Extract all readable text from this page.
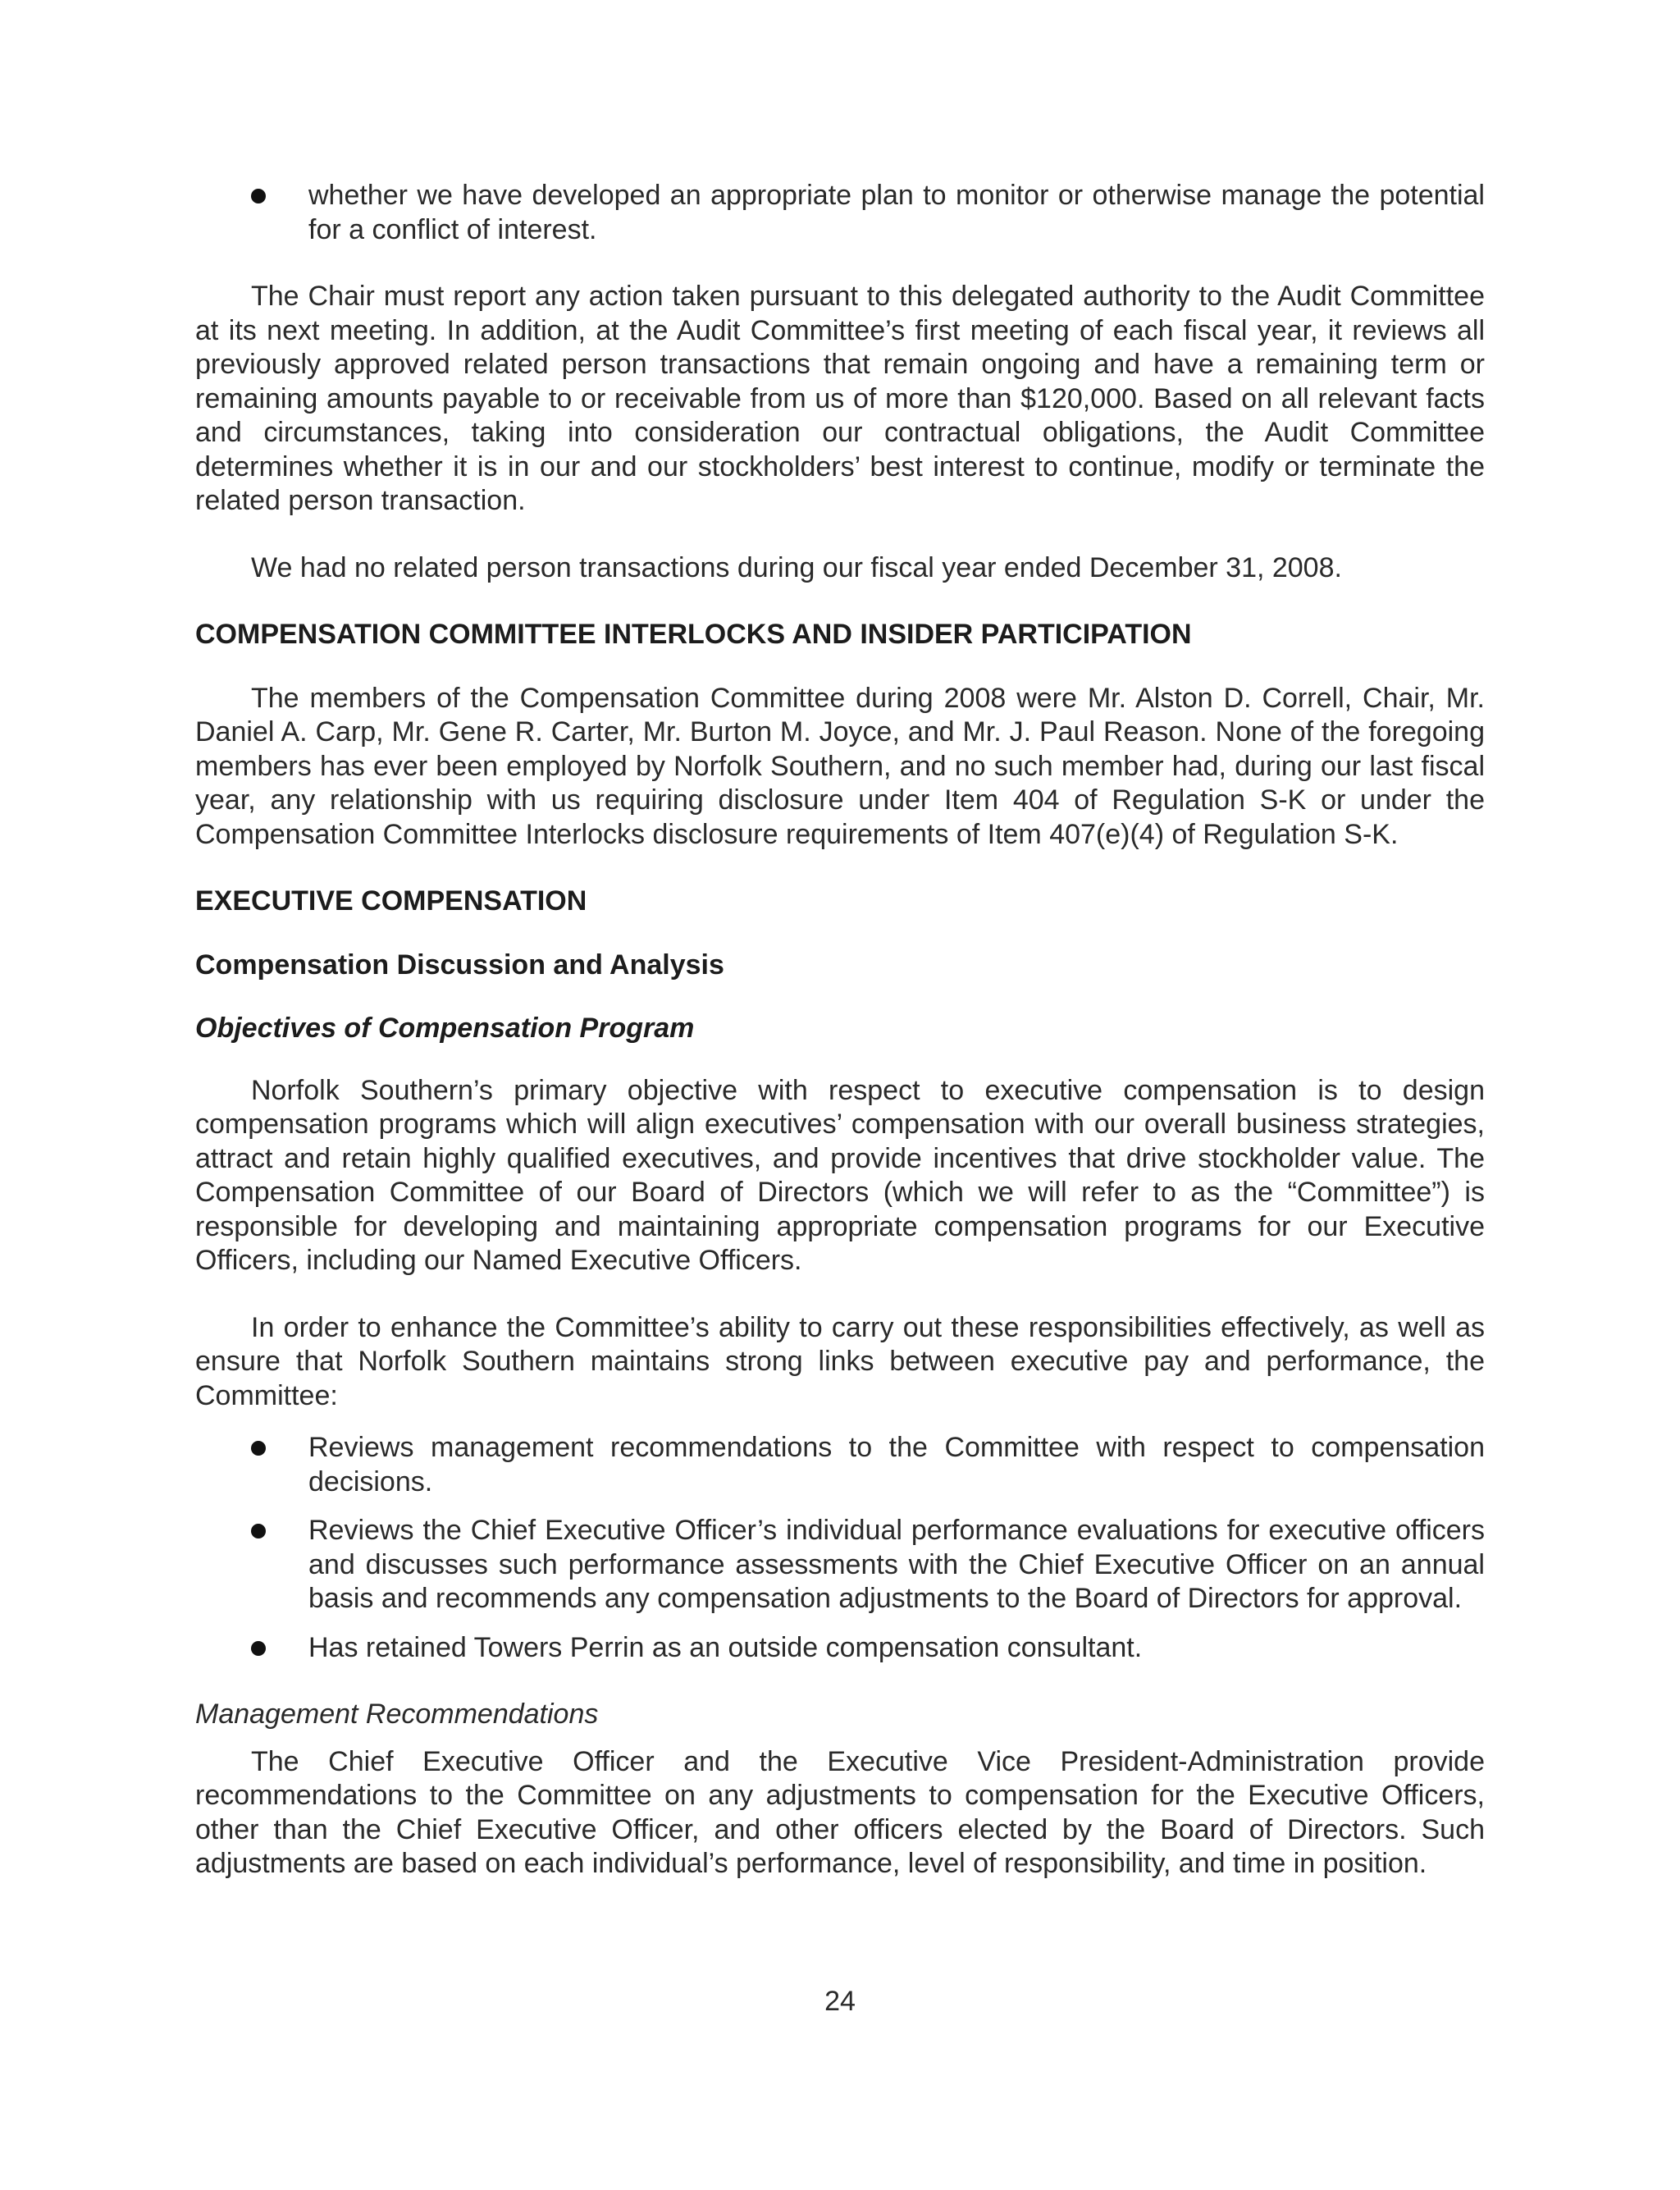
whether we have developed an appropriate plan to monitor or otherwise manage the potential for a conflict of interest.

The Chair must report any action taken pursuant to this delegated authority to the Audit Committee at its next meeting. In addition, at the Audit Committee’s first meeting of each fiscal year, it reviews all previously approved related person transactions that remain ongoing and have a remaining term or remaining amounts payable to or receivable from us of more than $120,000. Based on all relevant facts and circumstances, taking into consideration our contractual obligations, the Audit Committee determines whether it is in our and our stockholders’ best interest to continue, modify or terminate the related person transaction.

We had no related person transactions during our fiscal year ended December 31, 2008.

COMPENSATION COMMITTEE INTERLOCKS AND INSIDER PARTICIPATION

The members of the Compensation Committee during 2008 were Mr. Alston D. Correll, Chair, Mr. Daniel A. Carp, Mr. Gene R. Carter, Mr. Burton M. Joyce, and Mr. J. Paul Reason. None of the foregoing members has ever been employed by Norfolk Southern, and no such member had, during our last fiscal year, any relationship with us requiring disclosure under Item 404 of Regulation S-K or under the Compensation Committee Interlocks disclosure requirements of Item 407(e)(4) of Regulation S-K.

EXECUTIVE COMPENSATION
Compensation Discussion and Analysis
Objectives of Compensation Program

Norfolk Southern’s primary objective with respect to executive compensation is to design compensation programs which will align executives’ compensation with our overall business strategies, attract and retain highly qualified executives, and provide incentives that drive stockholder value. The Compensation Committee of our Board of Directors (which we will refer to as the “Committee”) is responsible for developing and maintaining appropriate compensation programs for our Executive Officers, including our Named Executive Officers.

In order to enhance the Committee’s ability to carry out these responsibilities effectively, as well as ensure that Norfolk Southern maintains strong links between executive pay and performance, the Committee:

Reviews management recommendations to the Committee with respect to compensation decisions.
Reviews the Chief Executive Officer’s individual performance evaluations for executive officers and discusses such performance assessments with the Chief Executive Officer on an annual basis and recommends any compensation adjustments to the Board of Directors for approval.
Has retained Towers Perrin as an outside compensation consultant.
Management Recommendations

The Chief Executive Officer and the Executive Vice President-Administration provide recommendations to the Committee on any adjustments to compensation for the Executive Officers, other than the Chief Executive Officer, and other officers elected by the Board of Directors. Such adjustments are based on each individual’s performance, level of responsibility, and time in position.

24
